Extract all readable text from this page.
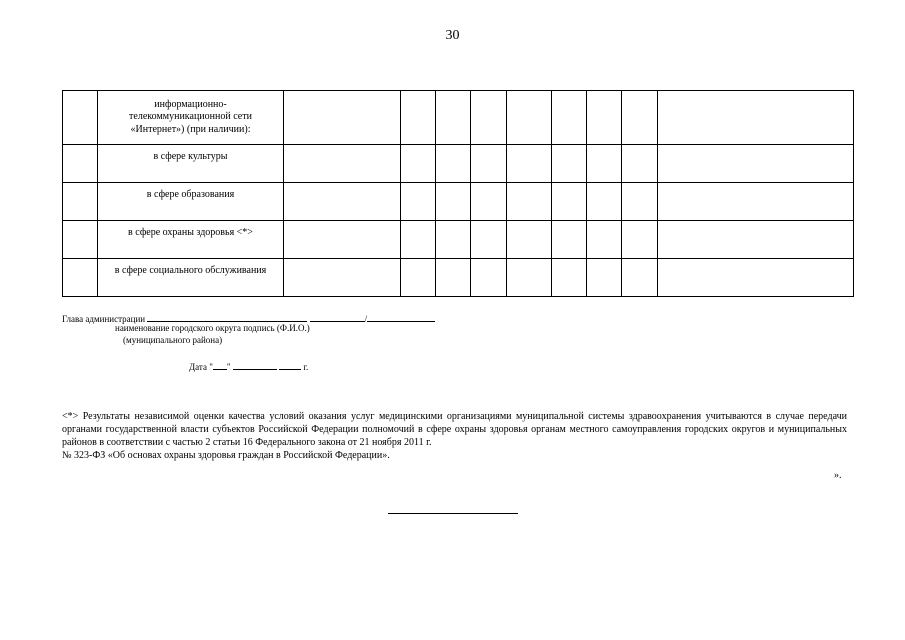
30
	информационно-телекоммуникационной сети «Интернет») (при наличии):									
	в сфере культуры									
	в сфере образования									
	в сфере охраны здоровья <*>									
	в сфере социального обслуживания									
Глава администрации	/
наименование городского округа подпись (Ф.И.О.)
(муниципального района)
Дата " "	г.
<*> Результаты независимой оценки качества условий оказания услуг медицинскими организациями муниципальной системы здравоохранения учитываются в случае передачи органами государственной власти субъектов Российской Федерации полномочий в сфере охраны здоровья органам местного самоуправления городских округов и муниципальных районов в соответствии с частью 2 статьи 16 Федерального закона от 21 ноября 2011 г.
№ 323-ФЗ «Об основах охраны здоровья граждан в Российской Федерации».
».
